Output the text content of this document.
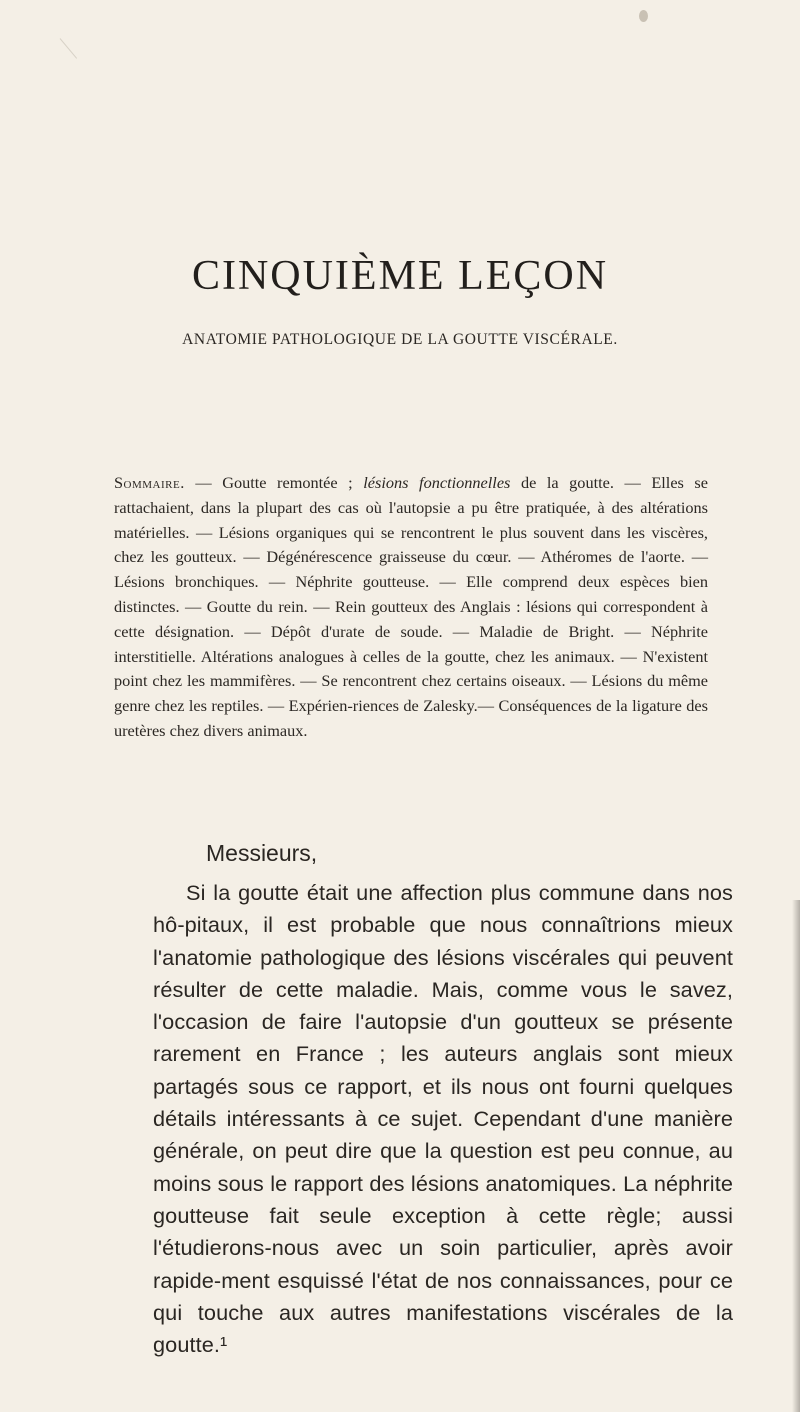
CINQUIÈME LEÇON
ANATOMIE PATHOLOGIQUE DE LA GOUTTE VISCÉRALE.

Sommaire. — Goutte remontée ; lésions fonctionnelles de la goutte. — Elles se rattachaient, dans la plupart des cas où l'autopsie a pu être pratiquée, à des altérations matérielles. — Lésions organiques qui se rencontrent le plus souvent dans les viscères, chez les goutteux. — Dégénérescence graisseuse du cœur. — Athéromes de l'aorte. — Lésions bronchiques. — Néphrite goutteuse. — Elle comprend deux espèces bien distinctes. — Goutte du rein. — Rein goutteux des Anglais : lésions qui correspondent à cette désignation. — Dépôt d'urate de soude. — Maladie de Bright. — Néphrite interstitielle. Altérations analogues à celles de la goutte, chez les animaux. — N'existent point chez les mammifères. — Se rencontrent chez certains oiseaux. — Lésions du même genre chez les reptiles. — Expérien-riences de Zalesky.— Conséquences de la ligature des uretères chez divers animaux.

Messieurs,

Si la goutte était une affection plus commune dans nos hô-pitaux, il est probable que nous connaîtrions mieux l'anatomie pathologique des lésions viscérales qui peuvent résulter de cette maladie. Mais, comme vous le savez, l'occasion de faire l'autopsie d'un goutteux se présente rarement en France ; les auteurs anglais sont mieux partagés sous ce rapport, et ils nous ont fourni quelques détails intéressants à ce sujet. Cependant d'une manière générale, on peut dire que la question est peu connue, au moins sous le rapport des lésions anatomiques. La néphrite goutteuse fait seule exception à cette règle; aussi l'étudierons-nous avec un soin particulier, après avoir rapide-ment esquissé l'état de nos connaissances, pour ce qui touche aux autres manifestations viscérales de la goutte.¹
